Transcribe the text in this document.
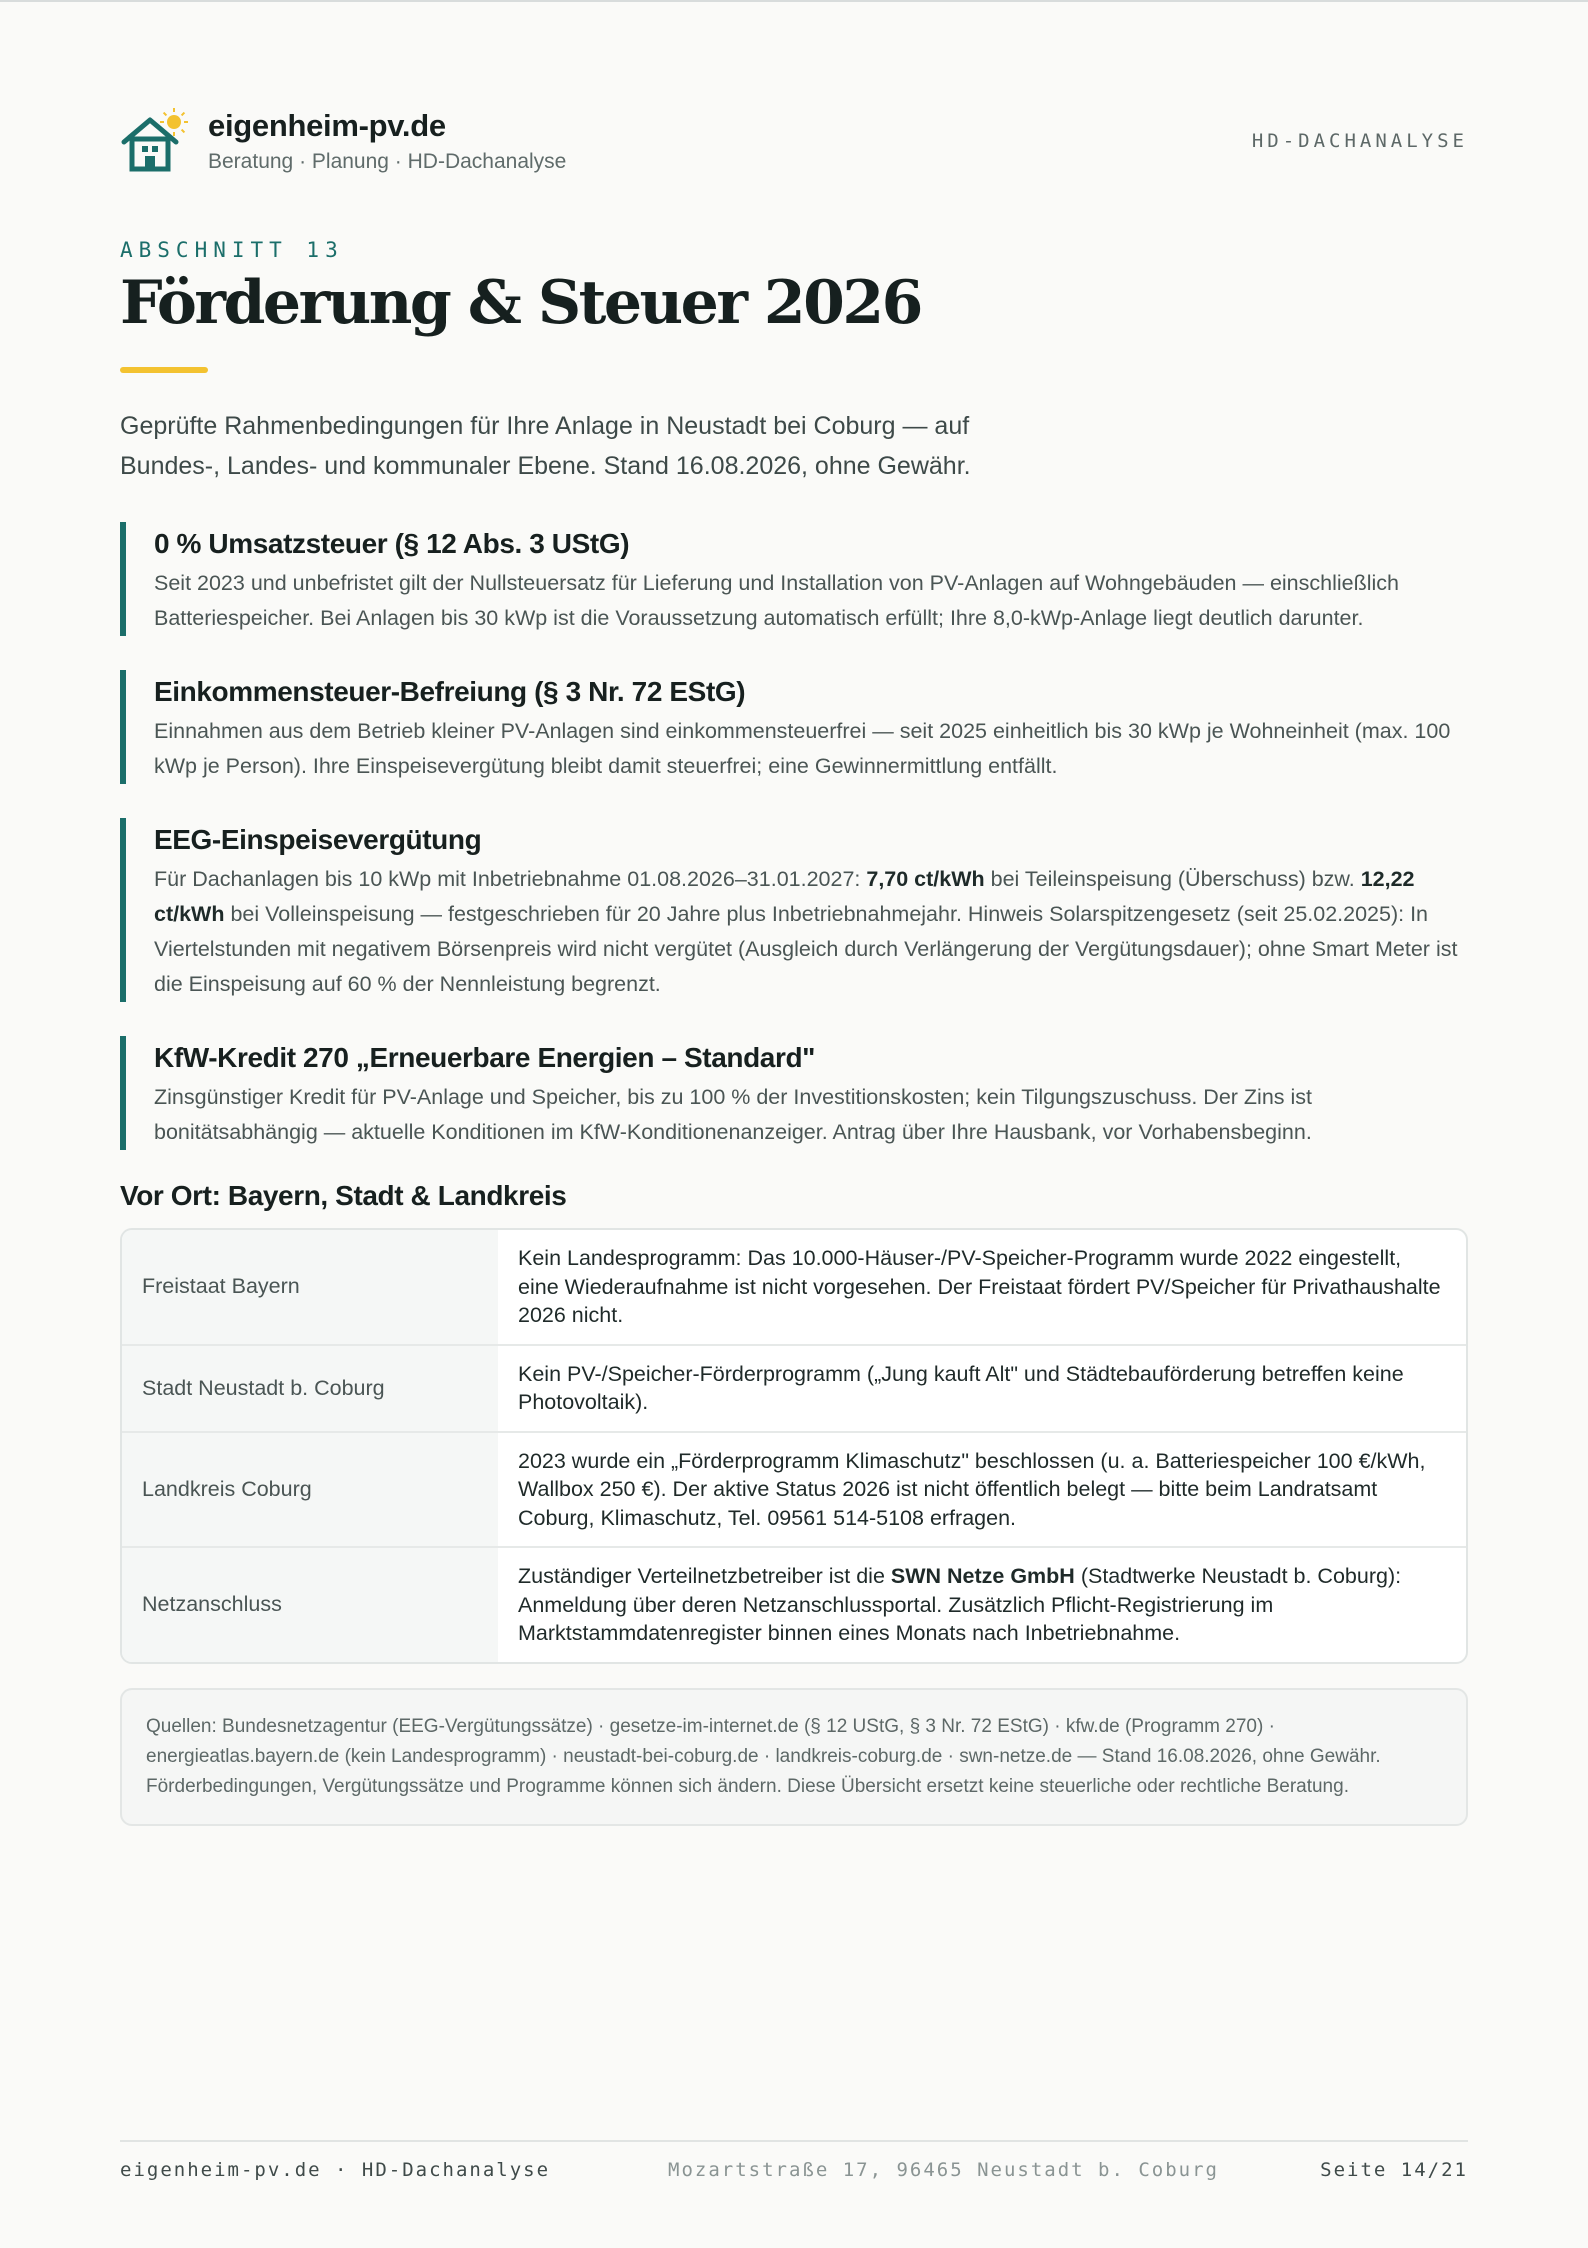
eigenheim-pv.de
Beratung · Planung · HD-Dachanalyse
HD-DACHANALYSE
ABSCHNITT 13
Förderung & Steuer 2026
Geprüfte Rahmenbedingungen für Ihre Anlage in Neustadt bei Coburg — auf
Bundes-, Landes- und kommunaler Ebene. Stand 16.08.2026, ohne Gewähr.
0 % Umsatzsteuer (§ 12 Abs. 3 UStG)

Seit 2023 und unbefristet gilt der Nullsteuersatz für Lieferung und Installation von PV-Anlagen auf Wohngebäuden — einschließlich Batteriespeicher. Bei Anlagen bis 30 kWp ist die Voraussetzung automatisch erfüllt; Ihre 8,0-kWp-Anlage liegt deutlich darunter.

Einkommensteuer-Befreiung (§ 3 Nr. 72 EStG)

Einnahmen aus dem Betrieb kleiner PV-Anlagen sind einkommensteuerfrei — seit 2025 einheitlich bis 30 kWp je Wohneinheit (max. 100 kWp je Person). Ihre Einspeisevergütung bleibt damit steuerfrei; eine Gewinnermittlung entfällt.

EEG-Einspeisevergütung

Für Dachanlagen bis 10 kWp mit Inbetriebnahme 01.08.2026–31.01.2027: 7,70 ct/kWh bei Teileinspeisung (Überschuss) bzw. 12,22 ct/kWh bei Volleinspeisung — festgeschrieben für 20 Jahre plus Inbetriebnahmejahr. Hinweis Solarspitzengesetz (seit 25.02.2025): In Viertelstunden mit negativem Börsenpreis wird nicht vergütet (Ausgleich durch Verlängerung der Vergütungsdauer); ohne Smart Meter ist die Einspeisung auf 60 % der Nennleistung begrenzt.

KfW-Kredit 270 „Erneuerbare Energien – Standard"

Zinsgünstiger Kredit für PV-Anlage und Speicher, bis zu 100 % der Investitionskosten; kein Tilgungszuschuss. Der Zins ist bonitätsabhängig — aktuelle Konditionen im KfW-Konditionenanzeiger. Antrag über Ihre Hausbank, vor Vorhabensbeginn.

Vor Ort: Bayern, Stadt & Landkreis
Freistaat Bayern
Kein Landesprogramm: Das 10.000-Häuser-/PV-Speicher-Programm wurde 2022 eingestellt, eine Wiederaufnahme ist nicht vorgesehen. Der Freistaat fördert PV/Speicher für Privathaushalte 2026 nicht.
Stadt Neustadt b. Coburg
Kein PV-/Speicher-Förderprogramm („Jung kauft Alt" und Städtebauförderung betreffen keine Photovoltaik).
Landkreis Coburg
2023 wurde ein „Förderprogramm Klimaschutz" beschlossen (u. a. Batteriespeicher 100 €/kWh, Wallbox 250 €). Der aktive Status 2026 ist nicht öffentlich belegt — bitte beim Landratsamt Coburg, Klimaschutz, Tel. 09561 514-5108 erfragen.
Netzanschluss
Zuständiger Verteilnetzbetreiber ist die SWN Netze GmbH (Stadtwerke Neustadt b. Coburg): Anmeldung über deren Netzanschlussportal. Zusätzlich Pflicht-Registrierung im Marktstammdatenregister binnen eines Monats nach Inbetriebnahme.
Quellen: Bundesnetzagentur (EEG-Vergütungssätze) · gesetze-im-internet.de (§ 12 UStG, § 3 Nr. 72 EStG) · kfw.de (Programm 270) ·
energieatlas.bayern.de (kein Landesprogramm) · neustadt-bei-coburg.de · landkreis-coburg.de · swn-netze.de — Stand 16.08.2026, ohne Gewähr.
Förderbedingungen, Vergütungssätze und Programme können sich ändern. Diese Übersicht ersetzt keine steuerliche oder rechtliche Beratung.
eigenheim-pv.de · HD-Dachanalyse	Mozartstraße 17, 96465 Neustadt b. Coburg	Seite 14/21
